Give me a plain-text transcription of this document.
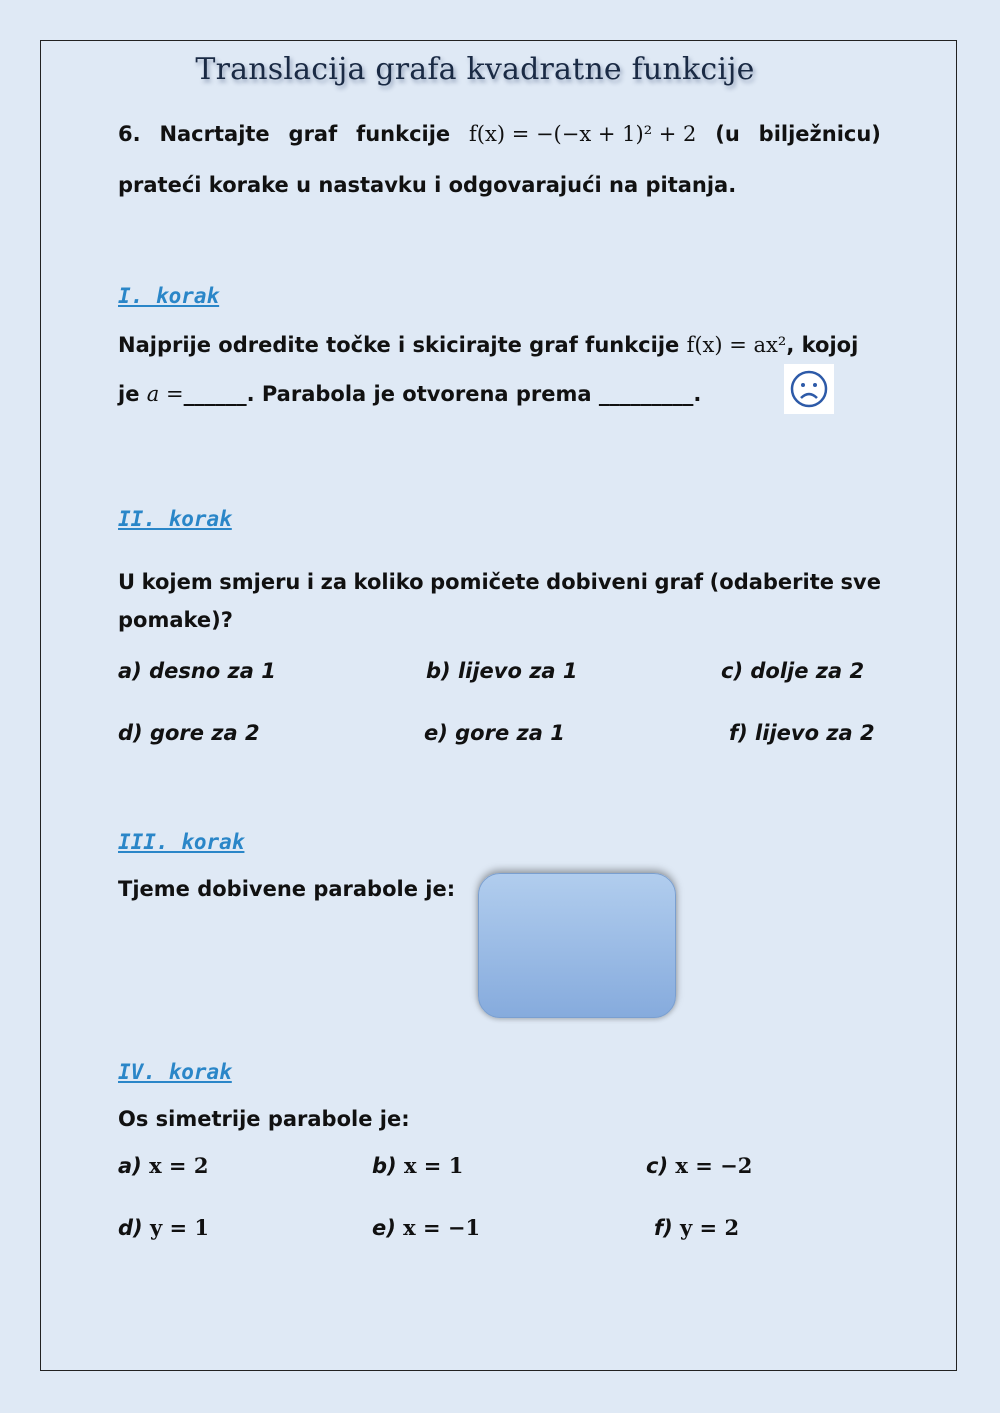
Translacija grafa kvadratne funkcije
6. Nacrtajte graf funkcije f(x) = −(−x + 1)² + 2 (u bilježnicu)
prateći korake u nastavku i odgovarajući na pitanja.
I. korak
Najprije odredite točke i skicirajte graf funkcije f(x) = ax², kojoj
je a =______. Parabola je otvorena prema _________.
II. korak
U kojem smjeru i za koliko pomičete dobiveni graf (odaberite sve
pomake)?
a) desno za 1	b) lijevo za 1	c) dolje za 2
d) gore za 2	e) gore za 1	f) lijevo za 2
III. korak
Tjeme dobivene parabole je:
IV. korak
Os simetrije parabole je:
a) x = 2	b) x = 1	c) x = −2
d) y = 1	e) x = −1	f) y = 2
